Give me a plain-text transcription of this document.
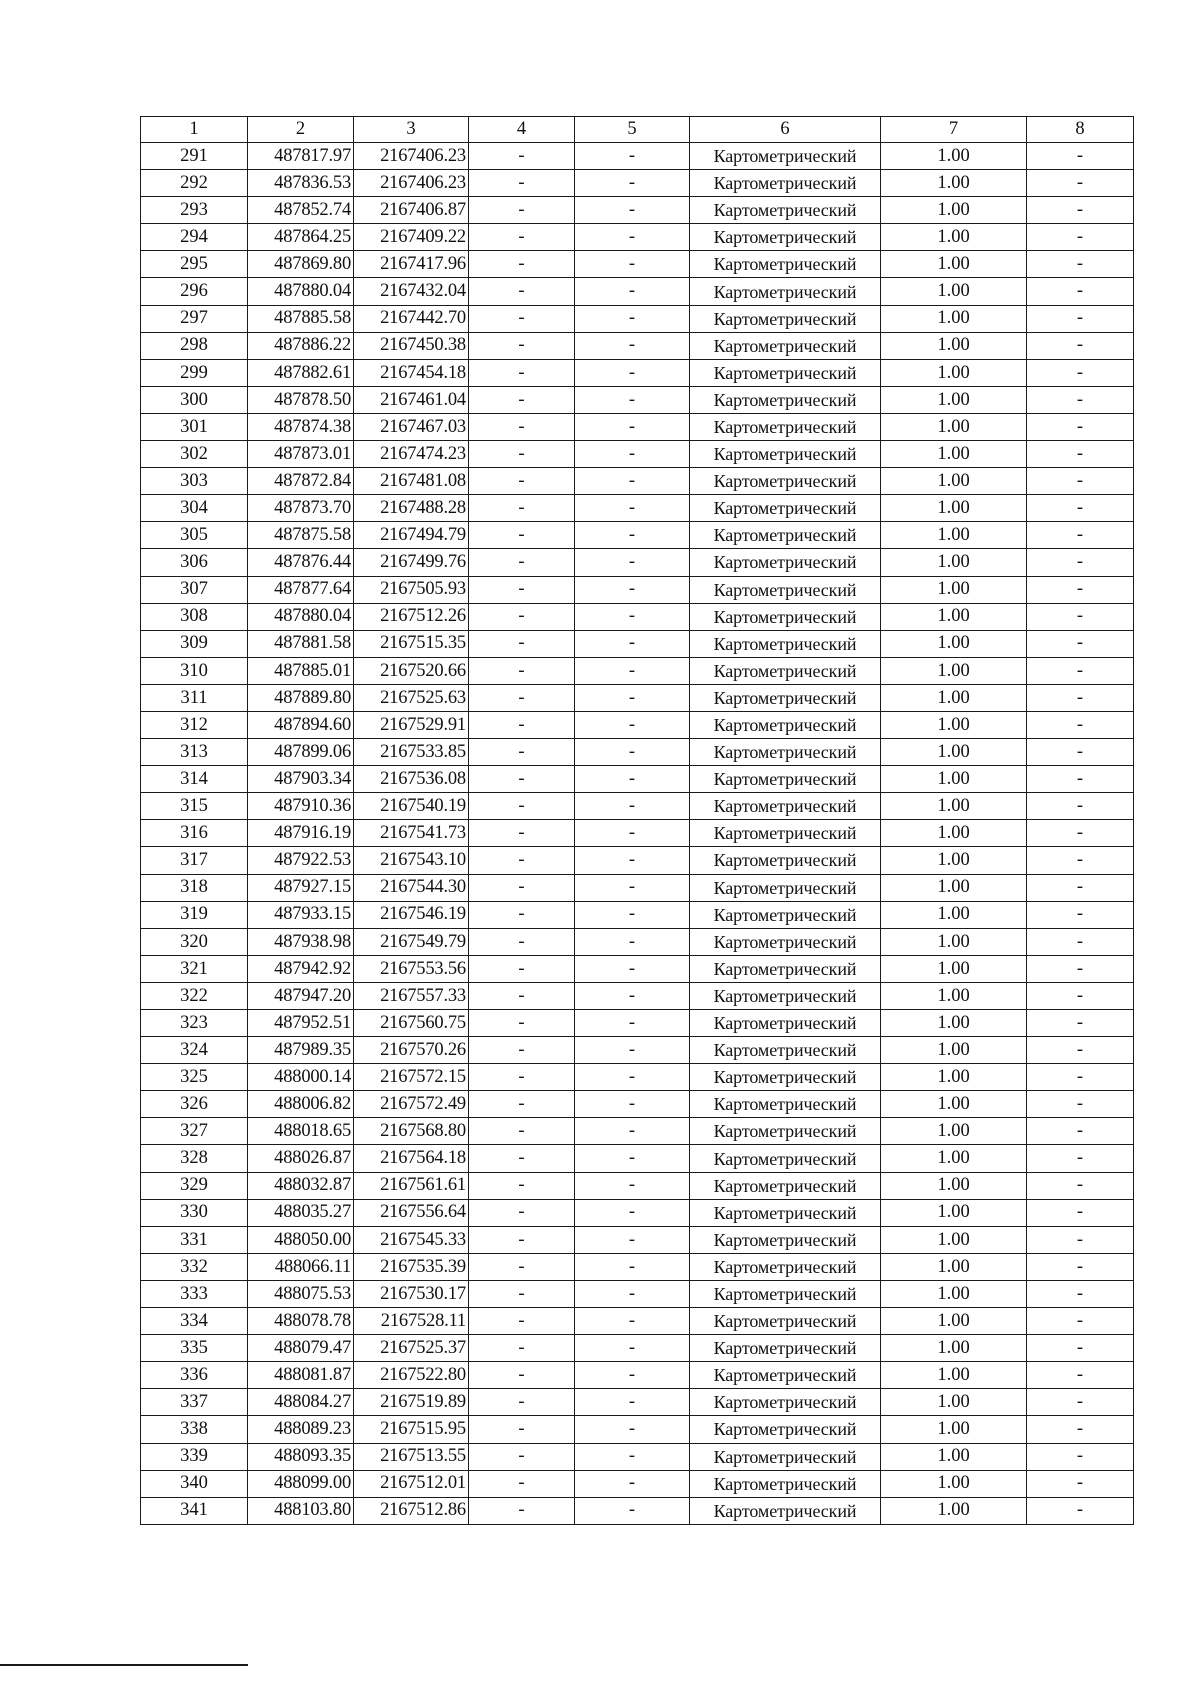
1	2	3	4	5	6	7	8
291	487817.97	2167406.23	-	-	Картометрический	1.00	-
292	487836.53	2167406.23	-	-	Картометрический	1.00	-
293	487852.74	2167406.87	-	-	Картометрический	1.00	-
294	487864.25	2167409.22	-	-	Картометрический	1.00	-
295	487869.80	2167417.96	-	-	Картометрический	1.00	-
296	487880.04	2167432.04	-	-	Картометрический	1.00	-
297	487885.58	2167442.70	-	-	Картометрический	1.00	-
298	487886.22	2167450.38	-	-	Картометрический	1.00	-
299	487882.61	2167454.18	-	-	Картометрический	1.00	-
300	487878.50	2167461.04	-	-	Картометрический	1.00	-
301	487874.38	2167467.03	-	-	Картометрический	1.00	-
302	487873.01	2167474.23	-	-	Картометрический	1.00	-
303	487872.84	2167481.08	-	-	Картометрический	1.00	-
304	487873.70	2167488.28	-	-	Картометрический	1.00	-
305	487875.58	2167494.79	-	-	Картометрический	1.00	-
306	487876.44	2167499.76	-	-	Картометрический	1.00	-
307	487877.64	2167505.93	-	-	Картометрический	1.00	-
308	487880.04	2167512.26	-	-	Картометрический	1.00	-
309	487881.58	2167515.35	-	-	Картометрический	1.00	-
310	487885.01	2167520.66	-	-	Картометрический	1.00	-
311	487889.80	2167525.63	-	-	Картометрический	1.00	-
312	487894.60	2167529.91	-	-	Картометрический	1.00	-
313	487899.06	2167533.85	-	-	Картометрический	1.00	-
314	487903.34	2167536.08	-	-	Картометрический	1.00	-
315	487910.36	2167540.19	-	-	Картометрический	1.00	-
316	487916.19	2167541.73	-	-	Картометрический	1.00	-
317	487922.53	2167543.10	-	-	Картометрический	1.00	-
318	487927.15	2167544.30	-	-	Картометрический	1.00	-
319	487933.15	2167546.19	-	-	Картометрический	1.00	-
320	487938.98	2167549.79	-	-	Картометрический	1.00	-
321	487942.92	2167553.56	-	-	Картометрический	1.00	-
322	487947.20	2167557.33	-	-	Картометрический	1.00	-
323	487952.51	2167560.75	-	-	Картометрический	1.00	-
324	487989.35	2167570.26	-	-	Картометрический	1.00	-
325	488000.14	2167572.15	-	-	Картометрический	1.00	-
326	488006.82	2167572.49	-	-	Картометрический	1.00	-
327	488018.65	2167568.80	-	-	Картометрический	1.00	-
328	488026.87	2167564.18	-	-	Картометрический	1.00	-
329	488032.87	2167561.61	-	-	Картометрический	1.00	-
330	488035.27	2167556.64	-	-	Картометрический	1.00	-
331	488050.00	2167545.33	-	-	Картометрический	1.00	-
332	488066.11	2167535.39	-	-	Картометрический	1.00	-
333	488075.53	2167530.17	-	-	Картометрический	1.00	-
334	488078.78	2167528.11	-	-	Картометрический	1.00	-
335	488079.47	2167525.37	-	-	Картометрический	1.00	-
336	488081.87	2167522.80	-	-	Картометрический	1.00	-
337	488084.27	2167519.89	-	-	Картометрический	1.00	-
338	488089.23	2167515.95	-	-	Картометрический	1.00	-
339	488093.35	2167513.55	-	-	Картометрический	1.00	-
340	488099.00	2167512.01	-	-	Картометрический	1.00	-
341	488103.80	2167512.86	-	-	Картометрический	1.00	-
